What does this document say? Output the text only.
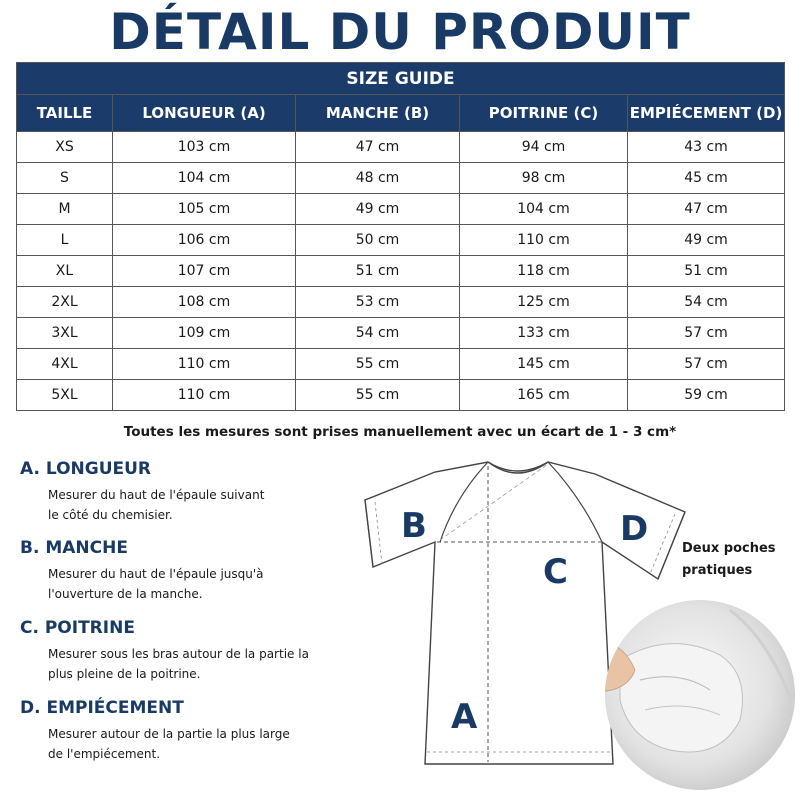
DÉTAIL DU PRODUIT
SIZE GUIDE				
TAILLE	LONGUEUR (A)	MANCHE (B)	POITRINE (C)	EMPIÉCEMENT (D)
XS	103 cm	47 cm	94 cm	43 cm
S	104 cm	48 cm	98 cm	45 cm
M	105 cm	49 cm	104 cm	47 cm
L	106 cm	50 cm	110 cm	49 cm
XL	107 cm	51 cm	118 cm	51 cm
2XL	108 cm	53 cm	125 cm	54 cm
3XL	109 cm	54 cm	133 cm	57 cm
4XL	110 cm	55 cm	145 cm	57 cm
5XL	110 cm	55 cm	165 cm	59 cm
Toutes les mesures sont prises manuellement avec un écart de 1 - 3 cm*
A. LONGUEUR

Mesurer du haut de l'épaule suivant
le côté du chemisier.

B. MANCHE

Mesurer du haut de l'épaule jusqu'à
l'ouverture de la manche.

C. POITRINE

Mesurer sous les bras autour de la partie la
plus pleine de la poitrine.

D. EMPIÉCEMENT

Mesurer autour de la partie la plus large
de l'empiécement.

B
C
D
A
Deux poches
pratiques
